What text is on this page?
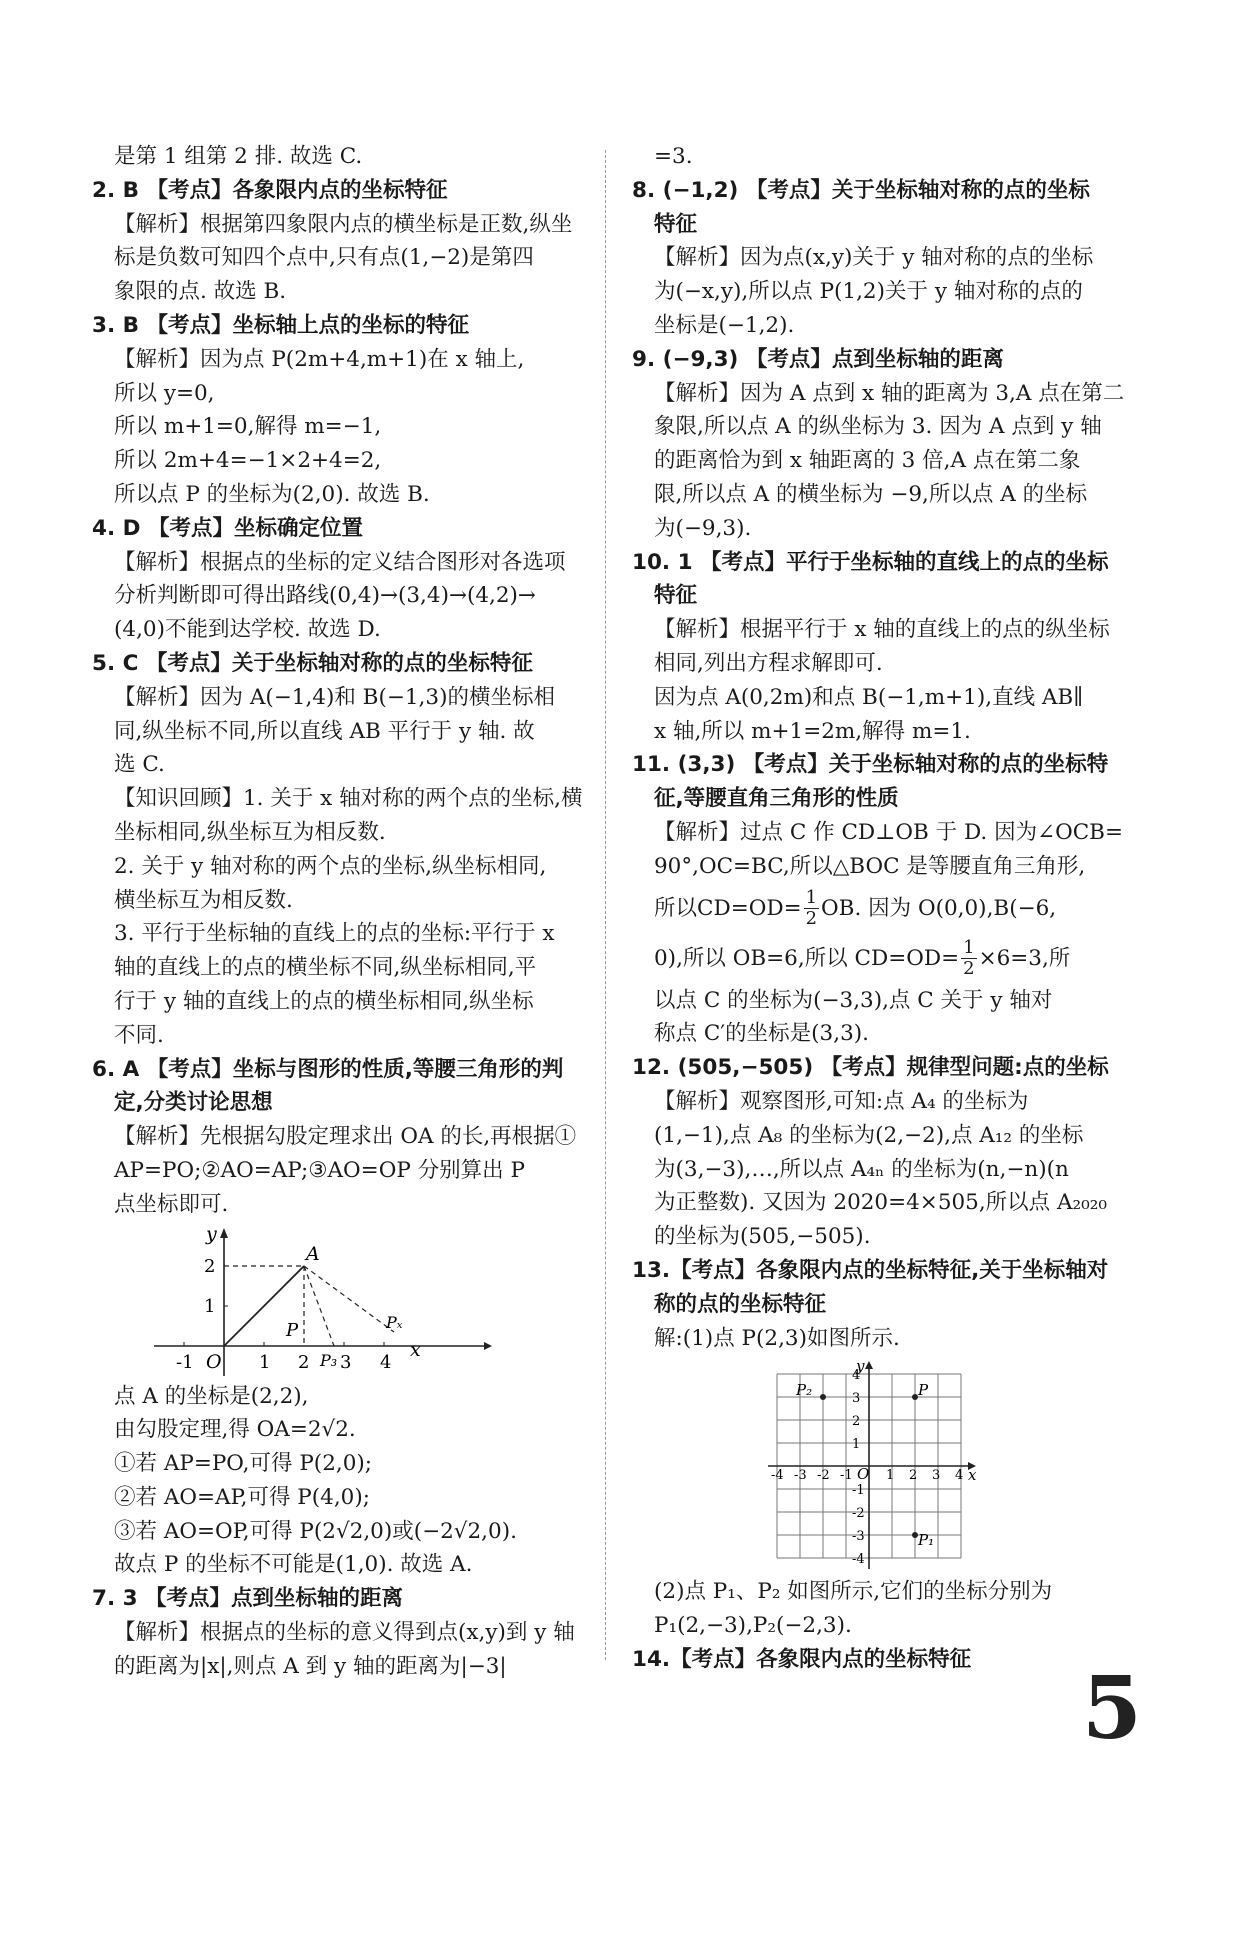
是第 1 组第 2 排. 故选 C.
2. B 【考点】各象限内点的坐标特征
【解析】根据第四象限内点的横坐标是正数,纵坐
标是负数可知四个点中,只有点(1,−2)是第四
象限的点. 故选 B.
3. B 【考点】坐标轴上点的坐标的特征
【解析】因为点 P(2m+4,m+1)在 x 轴上,
所以 y=0,
所以 m+1=0,解得 m=−1,
所以 2m+4=−1×2+4=2,
所以点 P 的坐标为(2,0). 故选 B.
4. D 【考点】坐标确定位置
【解析】根据点的坐标的定义结合图形对各选项
分析判断即可得出路线(0,4)→(3,4)→(4,2)→
(4,0)不能到达学校. 故选 D.
5. C 【考点】关于坐标轴对称的点的坐标特征
【解析】因为 A(−1,4)和 B(−1,3)的横坐标相
同,纵坐标不同,所以直线 AB 平行于 y 轴. 故
选 C.
【知识回顾】1. 关于 x 轴对称的两个点的坐标,横
坐标相同,纵坐标互为相反数.
2. 关于 y 轴对称的两个点的坐标,纵坐标相同,
横坐标互为相反数.
3. 平行于坐标轴的直线上的点的坐标:平行于 x
轴的直线上的点的横坐标不同,纵坐标相同,平
行于 y 轴的直线上的点的横坐标相同,纵坐标
不同.
6. A 【考点】坐标与图形的性质,等腰三角形的判
定,分类讨论思想
【解析】先根据勾股定理求出 OA 的长,再根据①
AP=PO;②AO=AP;③AO=OP 分别算出 P
点坐标即可.
y
x
O
A
P
P₃
Pₓ
-1	1 2 3 4
1
2
点 A 的坐标是(2,2),
由勾股定理,得 OA=2√2.
①若 AP=PO,可得 P(2,0);
②若 AO=AP,可得 P(4,0);
③若 AO=OP,可得 P(2√2,0)或(−2√2,0).
故点 P 的坐标不可能是(1,0). 故选 A.
7. 3 【考点】点到坐标轴的距离
【解析】根据点的坐标的意义得到点(x,y)到 y 轴
的距离为|x|,则点 A 到 y 轴的距离为|−3|
=3.
8. (−1,2) 【考点】关于坐标轴对称的点的坐标
特征
【解析】因为点(x,y)关于 y 轴对称的点的坐标
为(−x,y),所以点 P(1,2)关于 y 轴对称的点的
坐标是(−1,2).
9. (−9,3) 【考点】点到坐标轴的距离
【解析】因为 A 点到 x 轴的距离为 3,A 点在第二
象限,所以点 A 的纵坐标为 3. 因为 A 点到 y 轴
的距离恰为到 x 轴距离的 3 倍,A 点在第二象
限,所以点 A 的横坐标为 −9,所以点 A 的坐标
为(−9,3).
10. 1 【考点】平行于坐标轴的直线上的点的坐标
特征
【解析】根据平行于 x 轴的直线上的点的纵坐标
相同,列出方程求解即可.
因为点 A(0,2m)和点 B(−1,m+1),直线 AB∥
x 轴,所以 m+1=2m,解得 m=1.
11. (3,3) 【考点】关于坐标轴对称的点的坐标特
征,等腰直角三角形的性质
【解析】过点 C 作 CD⊥OB 于 D. 因为∠OCB=
90°,OC=BC,所以△BOC 是等腰直角三角形,
所以$CD=OD= \frac{1}{2}$ OB. 因为 O(0,0),B(−6,
0),所以 OB=6,所以 $CD=OD= \frac{1}{2} \times 6=3$,所
以点 C 的坐标为(−3,3),点 C 关于 y 轴对
称点 C′的坐标是(3,3).
12. (505,−505) 【考点】规律型问题:点的坐标
【解析】观察图形,可知:点 A₄ 的坐标为
(1,−1),点 A₈ 的坐标为(2,−2),点 A₁₂ 的坐标
为(3,−3),…,所以点 A₄ₙ 的坐标为(n,−n)(n
为正整数). 又因为 2020=4×505,所以点 A₂₀₂₀
的坐标为(505,−505).
13.【考点】各象限内点的坐标特征,关于坐标轴对
称的点的坐标特征
解:(1)点 P(2,3)如图所示.
P
P₂
P₁
x
y
O
-4 -3 -2 -1	1 2 3 4
4
3
2
1
-1
-2
-3
-4
(2)点 P₁、P₂ 如图所示,它们的坐标分别为
P₁(2,−3),P₂(−2,3).
14.【考点】各象限内点的坐标特征	5
